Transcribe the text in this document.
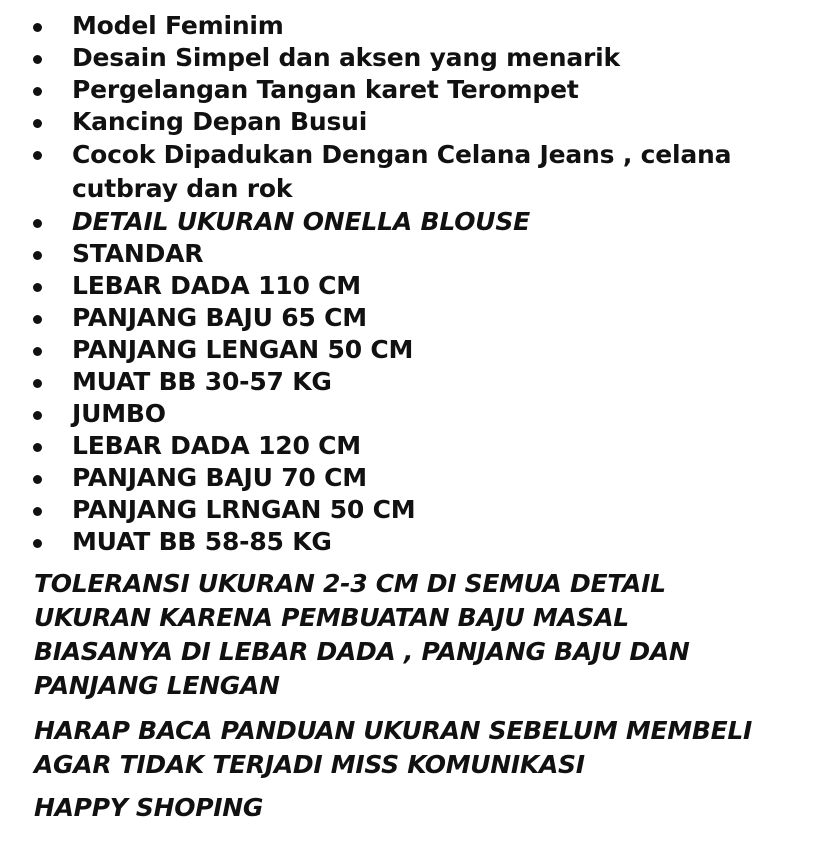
Model Feminim
Desain Simpel dan aksen yang menarik
Pergelangan Tangan karet Terompet
Kancing Depan Busui
Cocok Dipadukan Dengan Celana Jeans , celana cutbray dan rok
DETAIL UKURAN ONELLA BLOUSE
STANDAR
LEBAR DADA 110 CM
PANJANG BAJU 65 CM
PANJANG LENGAN 50 CM
MUAT BB 30-57 KG
JUMBO
LEBAR DADA 120 CM
PANJANG BAJU 70 CM
PANJANG LRNGAN 50 CM
MUAT BB 58-85 KG
TOLERANSI UKURAN 2-3 CM DI SEMUA DETAIL
UKURAN KARENA PEMBUATAN BAJU MASAL
BIASANYA DI LEBAR DADA , PANJANG BAJU DAN
PANJANG LENGAN
HARAP BACA PANDUAN UKURAN SEBELUM MEMBELI
AGAR TIDAK TERJADI MISS KOMUNIKASI
HAPPY SHOPING
